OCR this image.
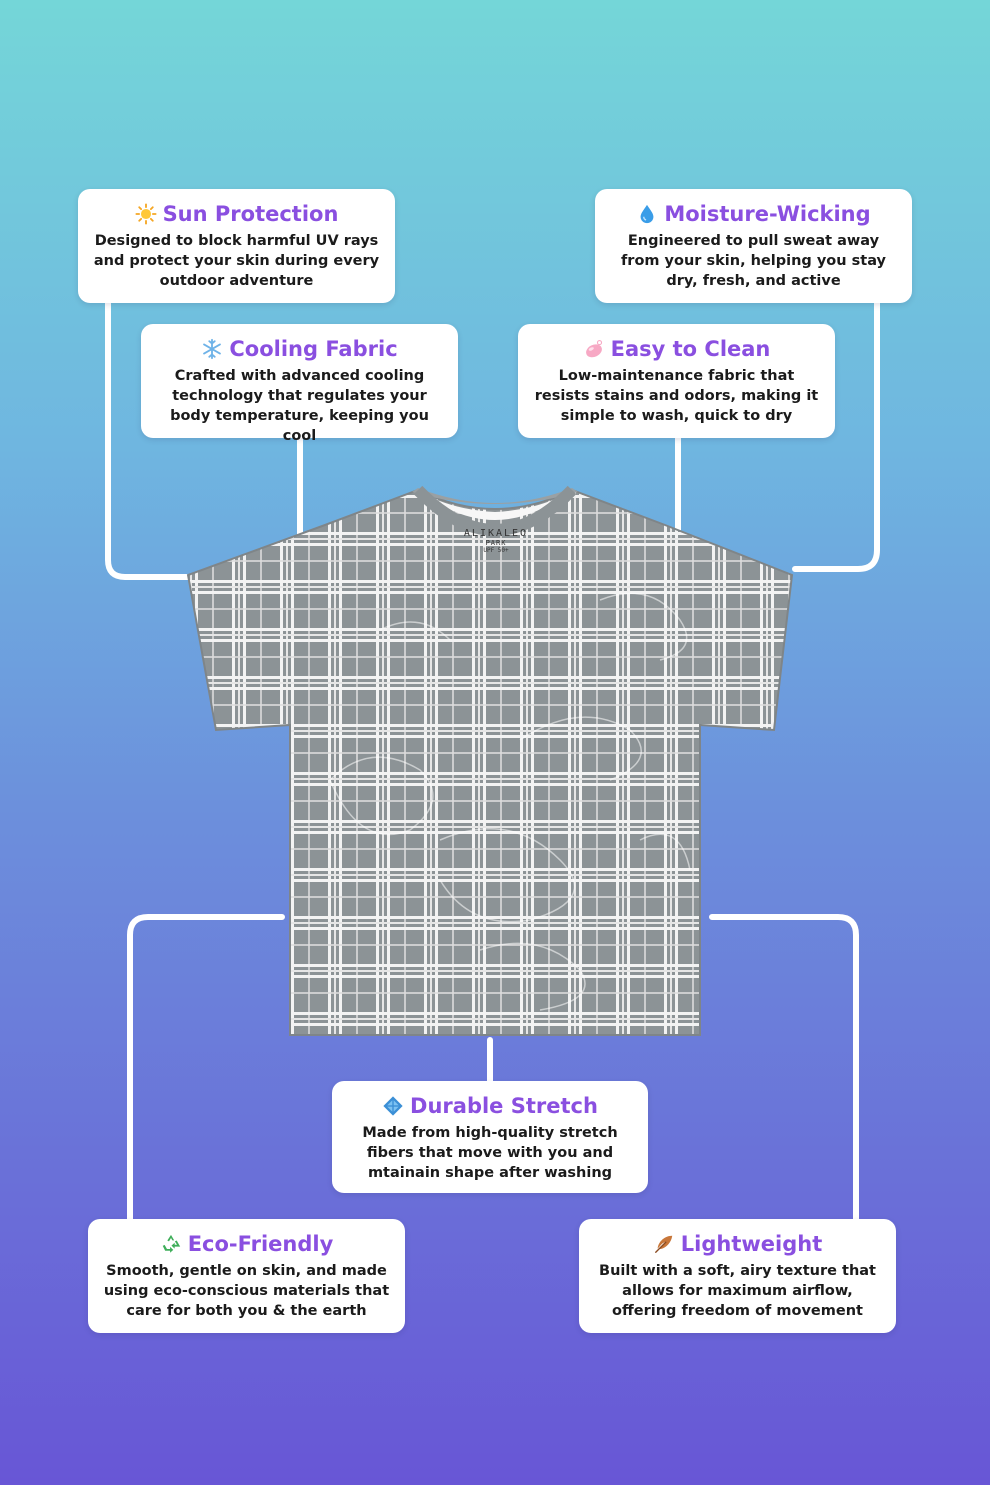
ALIKALEO
PARK
UPF 50+
Sun Protection
Designed to block harmful UV rays and protect your skin during every outdoor adventure
Moisture-Wicking
Engineered to pull sweat away from your skin, helping you stay dry, fresh, and active
Cooling Fabric
Crafted with advanced cooling technology that regulates your body temperature, keeping you cool
Easy to Clean
Low-maintenance fabric that resists stains and odors, making it simple to wash, quick to dry
Durable Stretch
Made from high-quality stretch fibers that move with you and mtainain shape after washing
Eco-Friendly
Smooth, gentle on skin, and made using eco-conscious materials that care for both you & the earth
Lightweight
Built with a soft, airy texture that allows for maximum airflow, offering freedom of movement
